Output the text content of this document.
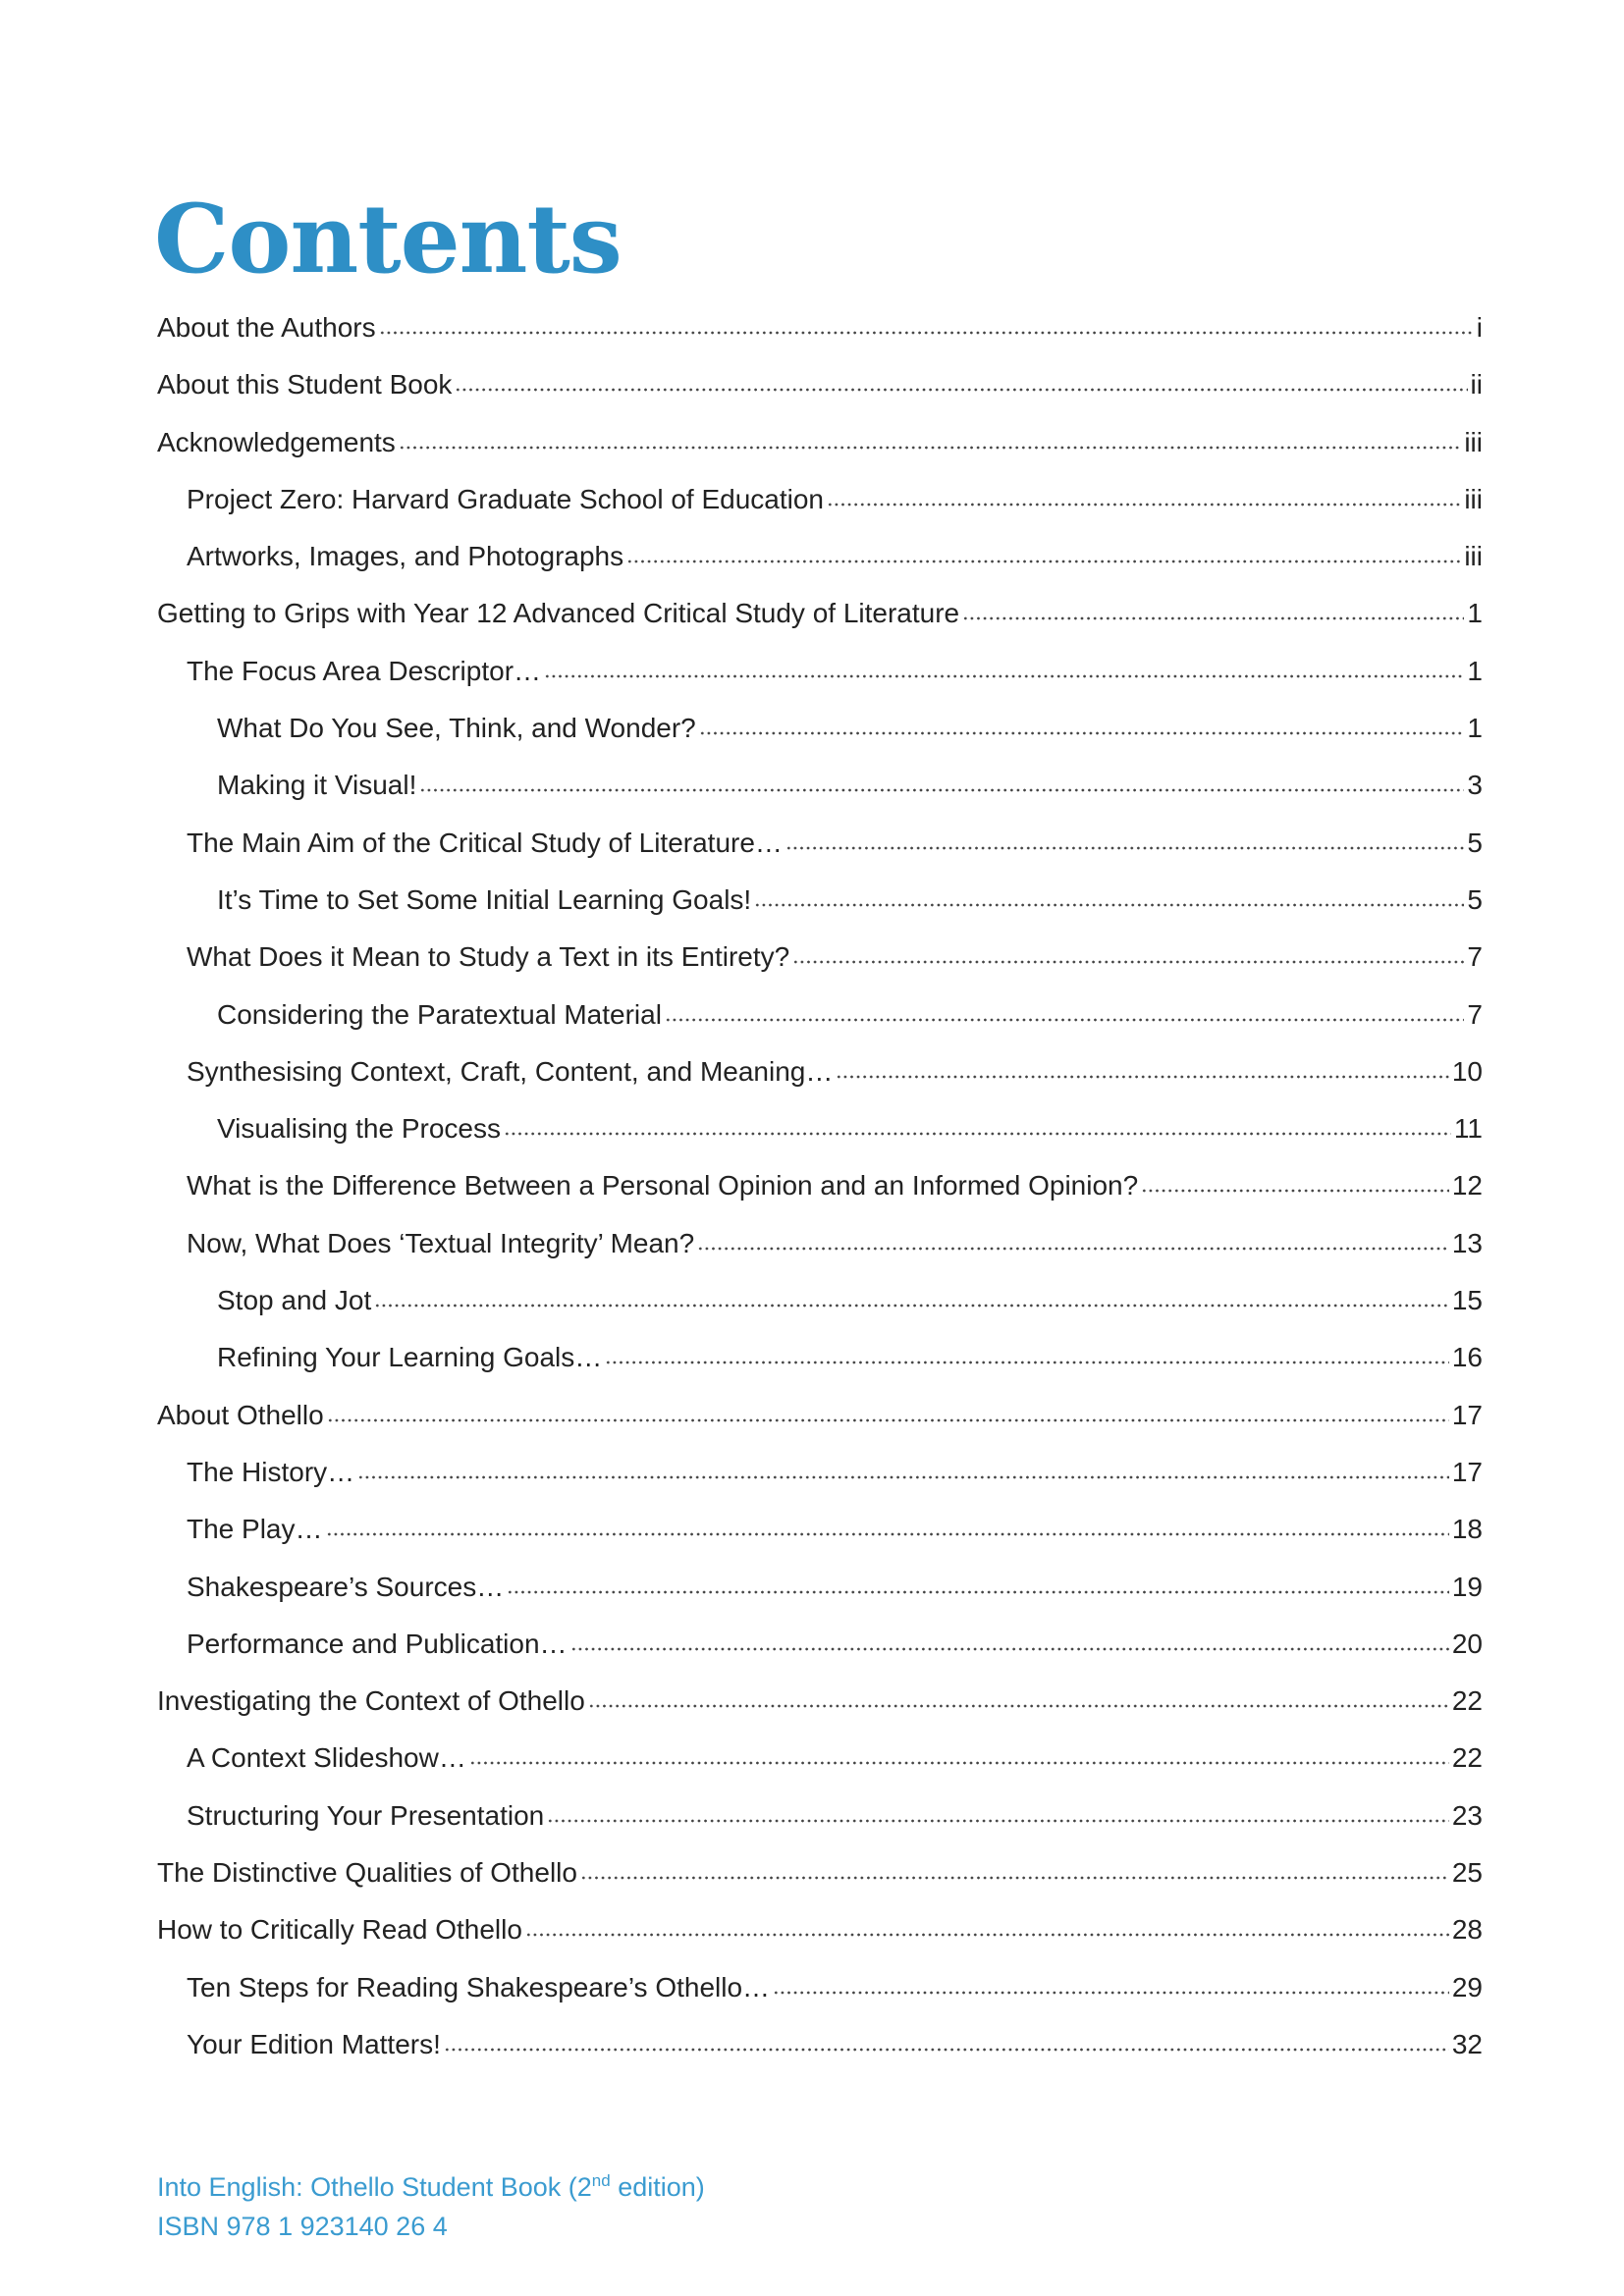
Contents
About the Authors	i
About this Student Book	ii
Acknowledgements	iii
Project Zero: Harvard Graduate School of Education	iii
Artworks, Images, and Photographs	iii
Getting to Grips with Year 12 Advanced Critical Study of Literature	1
The Focus Area Descriptor…	1
What Do You See, Think, and Wonder?	1
Making it Visual!	3
The Main Aim of the Critical Study of Literature…	5
It’s Time to Set Some Initial Learning Goals!	5
What Does it Mean to Study a Text in its Entirety?	7
Considering the Paratextual Material	7
Synthesising Context, Craft, Content, and Meaning…	10
Visualising the Process	11
What is the Difference Between a Personal Opinion and an Informed Opinion?	12
Now, What Does ‘Textual Integrity’ Mean?	13
Stop and Jot	15
Refining Your Learning Goals…	16
About Othello	17
The History…	17
The Play…	18
Shakespeare’s Sources…	19
Performance and Publication…	20
Investigating the Context of Othello	22
A Context Slideshow…	22
Structuring Your Presentation	23
The Distinctive Qualities of Othello	25
How to Critically Read Othello	28
Ten Steps for Reading Shakespeare’s Othello…	29
Your Edition Matters!	32
Into English: Othello Student Book (2nd edition)
ISBN 978 1 923140 26 4
